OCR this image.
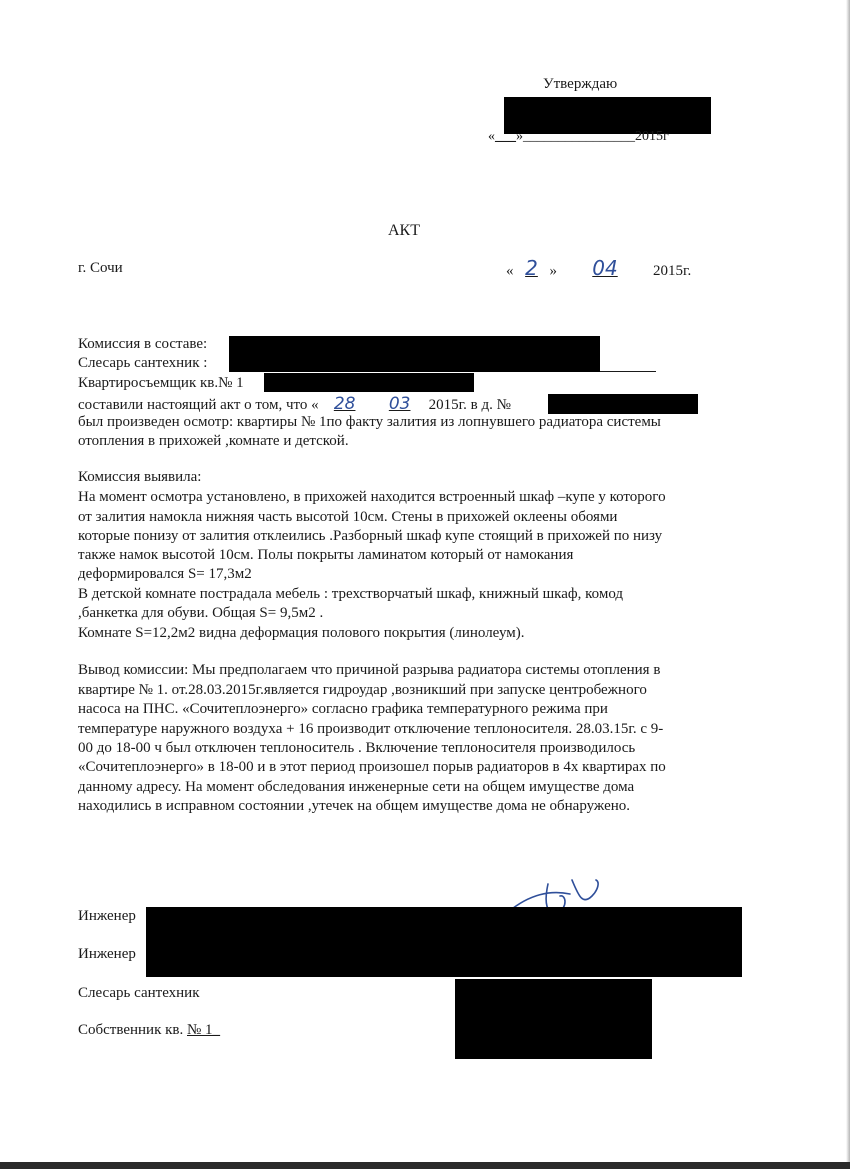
Утверждаю
«___»________________2015г
АКТ
г. Сочи	« 2 » 04 2015г.
Комиссия в составе:
Слесарь сантехник :
Квартиросъемщик кв.№ 1
составили настоящий акт о том, что « 28 03 2015г. в д. №
был произведен осмотр: квартиры № 1по факту залития из лопнувшего радиатора системы
отопления в прихожей ,комнате и детской.
Комиссия выявила:
На момент осмотра установлено, в прихожей находится встроенный шкаф –купе у которого
от залития намокла нижняя часть высотой 10см. Стены в прихожей оклеены обоями
которые понизу от залития отклеились .Разборный шкаф купе стоящий в прихожей по низу
также намок высотой 10см. Полы покрыты ламинатом который от намокания
деформировался S= 17,3м2
В детской комнате пострадала мебель : трехстворчатый шкаф, книжный шкаф, комод
,банкетка для обуви. Общая S= 9,5м2 .
Комнате S=12,2м2 видна деформация полового покрытия (линолеум).
Вывод комиссии: Мы предполагаем что причиной разрыва радиатора системы отопления в
квартире № 1. от.28.03.2015г.является гидроудар ,возникший при запуске центробежного
насоса на ПНС. «Сочитеплоэнерго» согласно графика температурного режима при
температуре наружного воздуха + 16 производит отключение теплоносителя. 28.03.15г. с 9-
00 до 18-00 ч был отключен теплоноситель . Включение теплоносителя производилось
«Сочитеплоэнерго» в 18-00 и в этот период произошел порыв радиаторов в 4х квартирах по
данному адресу. На момент обследования инженерные сети на общем имуществе дома
находились в исправном состоянии ,утечек на общем имуществе дома не обнаружено.
Инженер
Инженер
Слесарь сантехник
Собственник кв. № 1_
